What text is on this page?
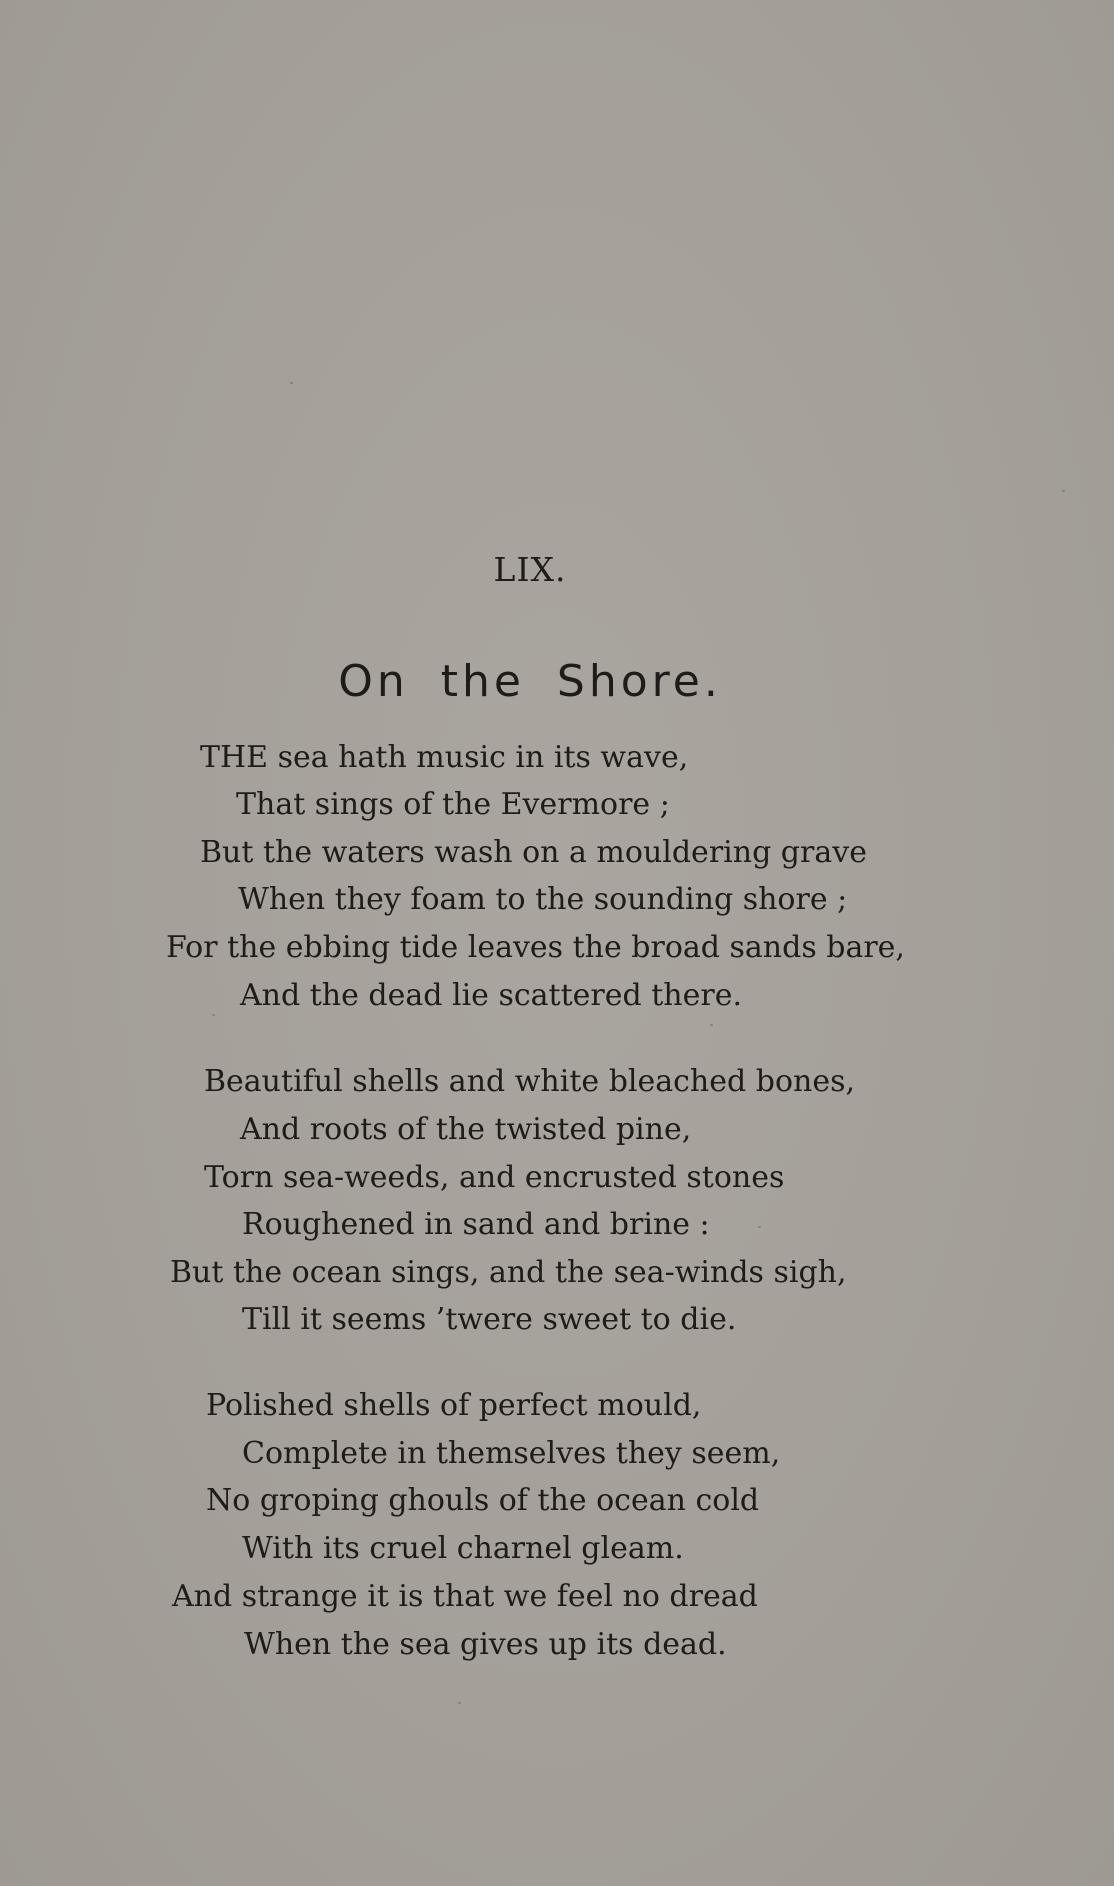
LIX.
On the Shore.
THE sea hath music in its wave,
That sings of the Evermore ;
But the waters wash on a mouldering grave
When they foam to the sounding shore ;
For the ebbing tide leaves the broad sands bare,
And the dead lie scattered there.
Beautiful shells and white bleached bones,
And roots of the twisted pine,
Torn sea-weeds, and encrusted stones
Roughened in sand and brine :
But the ocean sings, and the sea-winds sigh,
Till it seems ’twere sweet to die.
Polished shells of perfect mould,
Complete in themselves they seem,
No groping ghouls of the ocean cold
With its cruel charnel gleam.
And strange it is that we feel no dread
When the sea gives up its dead.
